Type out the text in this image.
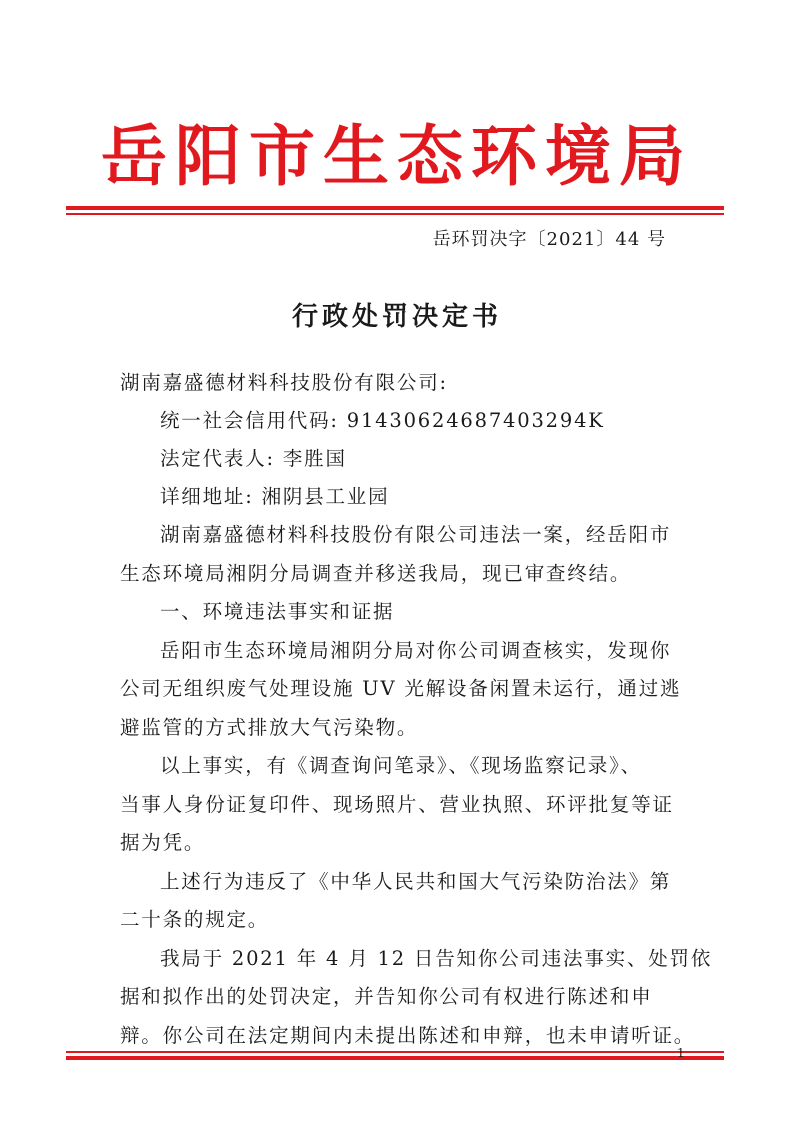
岳阳市生态环境局
岳环罚决字〔2021〕44 号
行政处罚决定书
湖南嘉盛德材料科技股份有限公司:
统一社会信用代码: 91430624687403294K
法定代表人: 李胜国
详细地址: 湘阴县工业园
湖南嘉盛德材料科技股份有限公司违法一案，经岳阳市
生态环境局湘阴分局调查并移送我局，现已审查终结。
一、环境违法事实和证据
岳阳市生态环境局湘阴分局对你公司调查核实，发现你
公司无组织废气处理设施 UV 光解设备闲置未运行，通过逃
避监管的方式排放大气污染物。
以上事实，有《调查询问笔录》、《现场监察记录》、
当事人身份证复印件、现场照片、营业执照、环评批复等证
据为凭。
上述行为违反了《中华人民共和国大气污染防治法》第
二十条的规定。
我局于 2021 年 4 月 12 日告知你公司违法事实、处罚依
据和拟作出的处罚决定，并告知你公司有权进行陈述和申
辩。你公司在法定期间内未提出陈述和申辩，也未申请听证。
1
